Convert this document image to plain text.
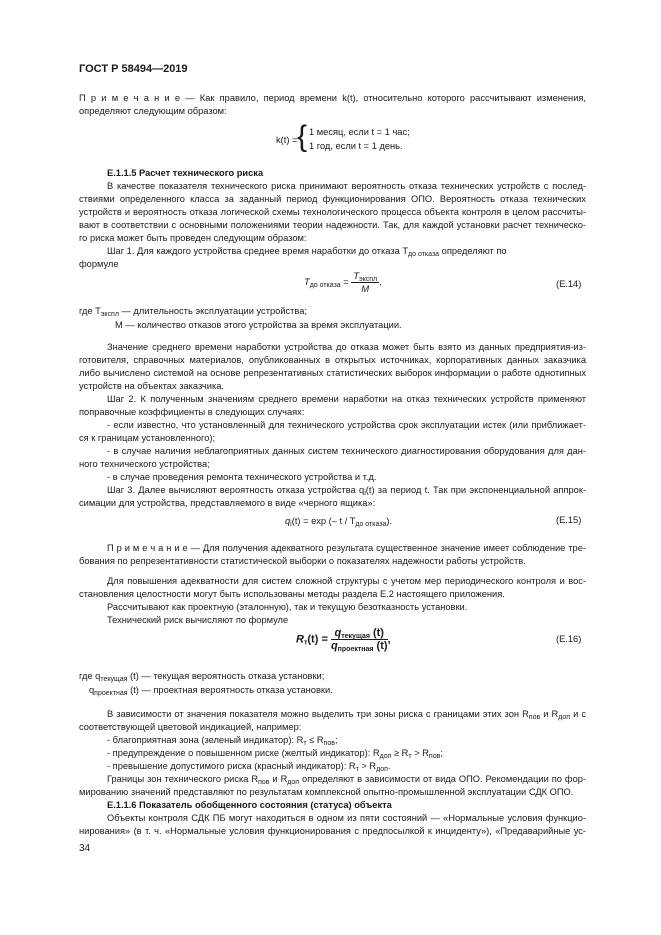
ГОСТ Р 58494—2019

П р и м е ч а н и е — Как правило, период времени k(t), относительно которого рассчитывают изменения,

определяют следующим образом:

k(t) = { 1 месяц, если t = 1 час;
1 год, если t = 1 день.

Е.1.1.5 Расчет технического риска

В качестве показателя технического риска принимают вероятность отказа технических устройств с послед-

ствиями определенного класса за заданный период функционирования ОПО. Вероятность отказа технических

устройств и вероятность отказа логической схемы технологического процесса объекта контроля в целом рассчиты-

вают в соответствии с основными положениями теории надежности. Так, для каждой установки расчет техническо-

го риска может быть проведен следующим образом:

Шаг 1. Для каждого устройства среднее время наработки до отказа $T_{до отказа}$ определяют по

формуле

$T_{до отказа} = \frac{T_{экспл}}{M}$ ,	(Е.14)

где $T_{экспл}$ — длительность эксплуатации устройства;

M — количество отказов этого устройства за время эксплуатации.

Значение среднего времени наработки устройства до отказа может быть взято из данных предприятия-из-

готовителя, справочных материалов, опубликованных в открытых источниках, корпоративных данных заказчика

либо вычислено системой на основе репрезентативных статистических выборок информации о работе однотипных

устройств на объектах заказчика.

Шаг 2. К полученным значениям среднего времени наработки на отказ технических устройств применяют

поправочные коэффициенты в следующих случаях:

- если известно, что установленный для технического устройства срок эксплуатации истек (или приближает-

ся к границам установленного);

- в случае наличия неблагоприятных данных систем технического диагностирования оборудования для дан-

ного технического устройства;

- в случае проведения ремонта технического устройства и т.д.

Шаг 3. Далее вычисляют вероятность отказа устройства $q_i(t)$ за период t. Так при экспоненциальной аппрок-

симации для устройства, представляемого в виде «черного ящика»:

$q_i(t) = \exp$ (– t / $T_{до отказа}$).	(Е.15)

П р и м е ч а н и е — Для получения адекватного результата существенное значение имеет соблюдение тре-

бования по репрезентативности статистической выборки о показателях надежности работы устройств.

Для повышения адекватности для систем сложной структуры с учетом мер периодического контроля и вос-

становления целостности могут быть использованы методы раздела Е.2 настоящего приложения.

Рассчитывают как проектную (эталонную), так и текущую безотказность установки.

Технический риск вычисляют по формуле

$R_т(t) = \frac{q_{текущая} (t)}{q_{проектная} (t)}$ ,	(Е.16)

где $q_{текущая}$ (t) — текущая вероятность отказа установки;

$q_{проектная}$ (t) — проектная вероятность отказа установки.

В зависимости от значения показателя можно выделить три зоны риска с границами этих зон $R_{пов}$ и $R_{доп}$ и с

соответствующей цветовой индикацией, например:

- благоприятная зона (зеленый индикатор): $R_т \le R_{пов}$;

- предупреждение о повышенном риске (желтый индикатор): $R_{доп} \ge R_т > R_{пов}$;

- превышение допустимого риска (красный индикатор): $R_т > R_{доп}$.

Границы зон технического риска $R_{пов}$ и $R_{доп}$ определяют в зависимости от вида ОПО. Рекомендации по фор-

мированию значений представляют по результатам комплексной опытно-промышленной эксплуатации СДК ОПО.

Е.1.1.6 Показатель обобщенного состояния (статуса) объекта

Объекты контроля СДК ПБ могут находиться в одном из пяти состояний — «Нормальные условия функцио-

нирования» (в т. ч. «Нормальные условия функционирования с предпосылкой к инциденту»), «Предаварийные ус-

34
